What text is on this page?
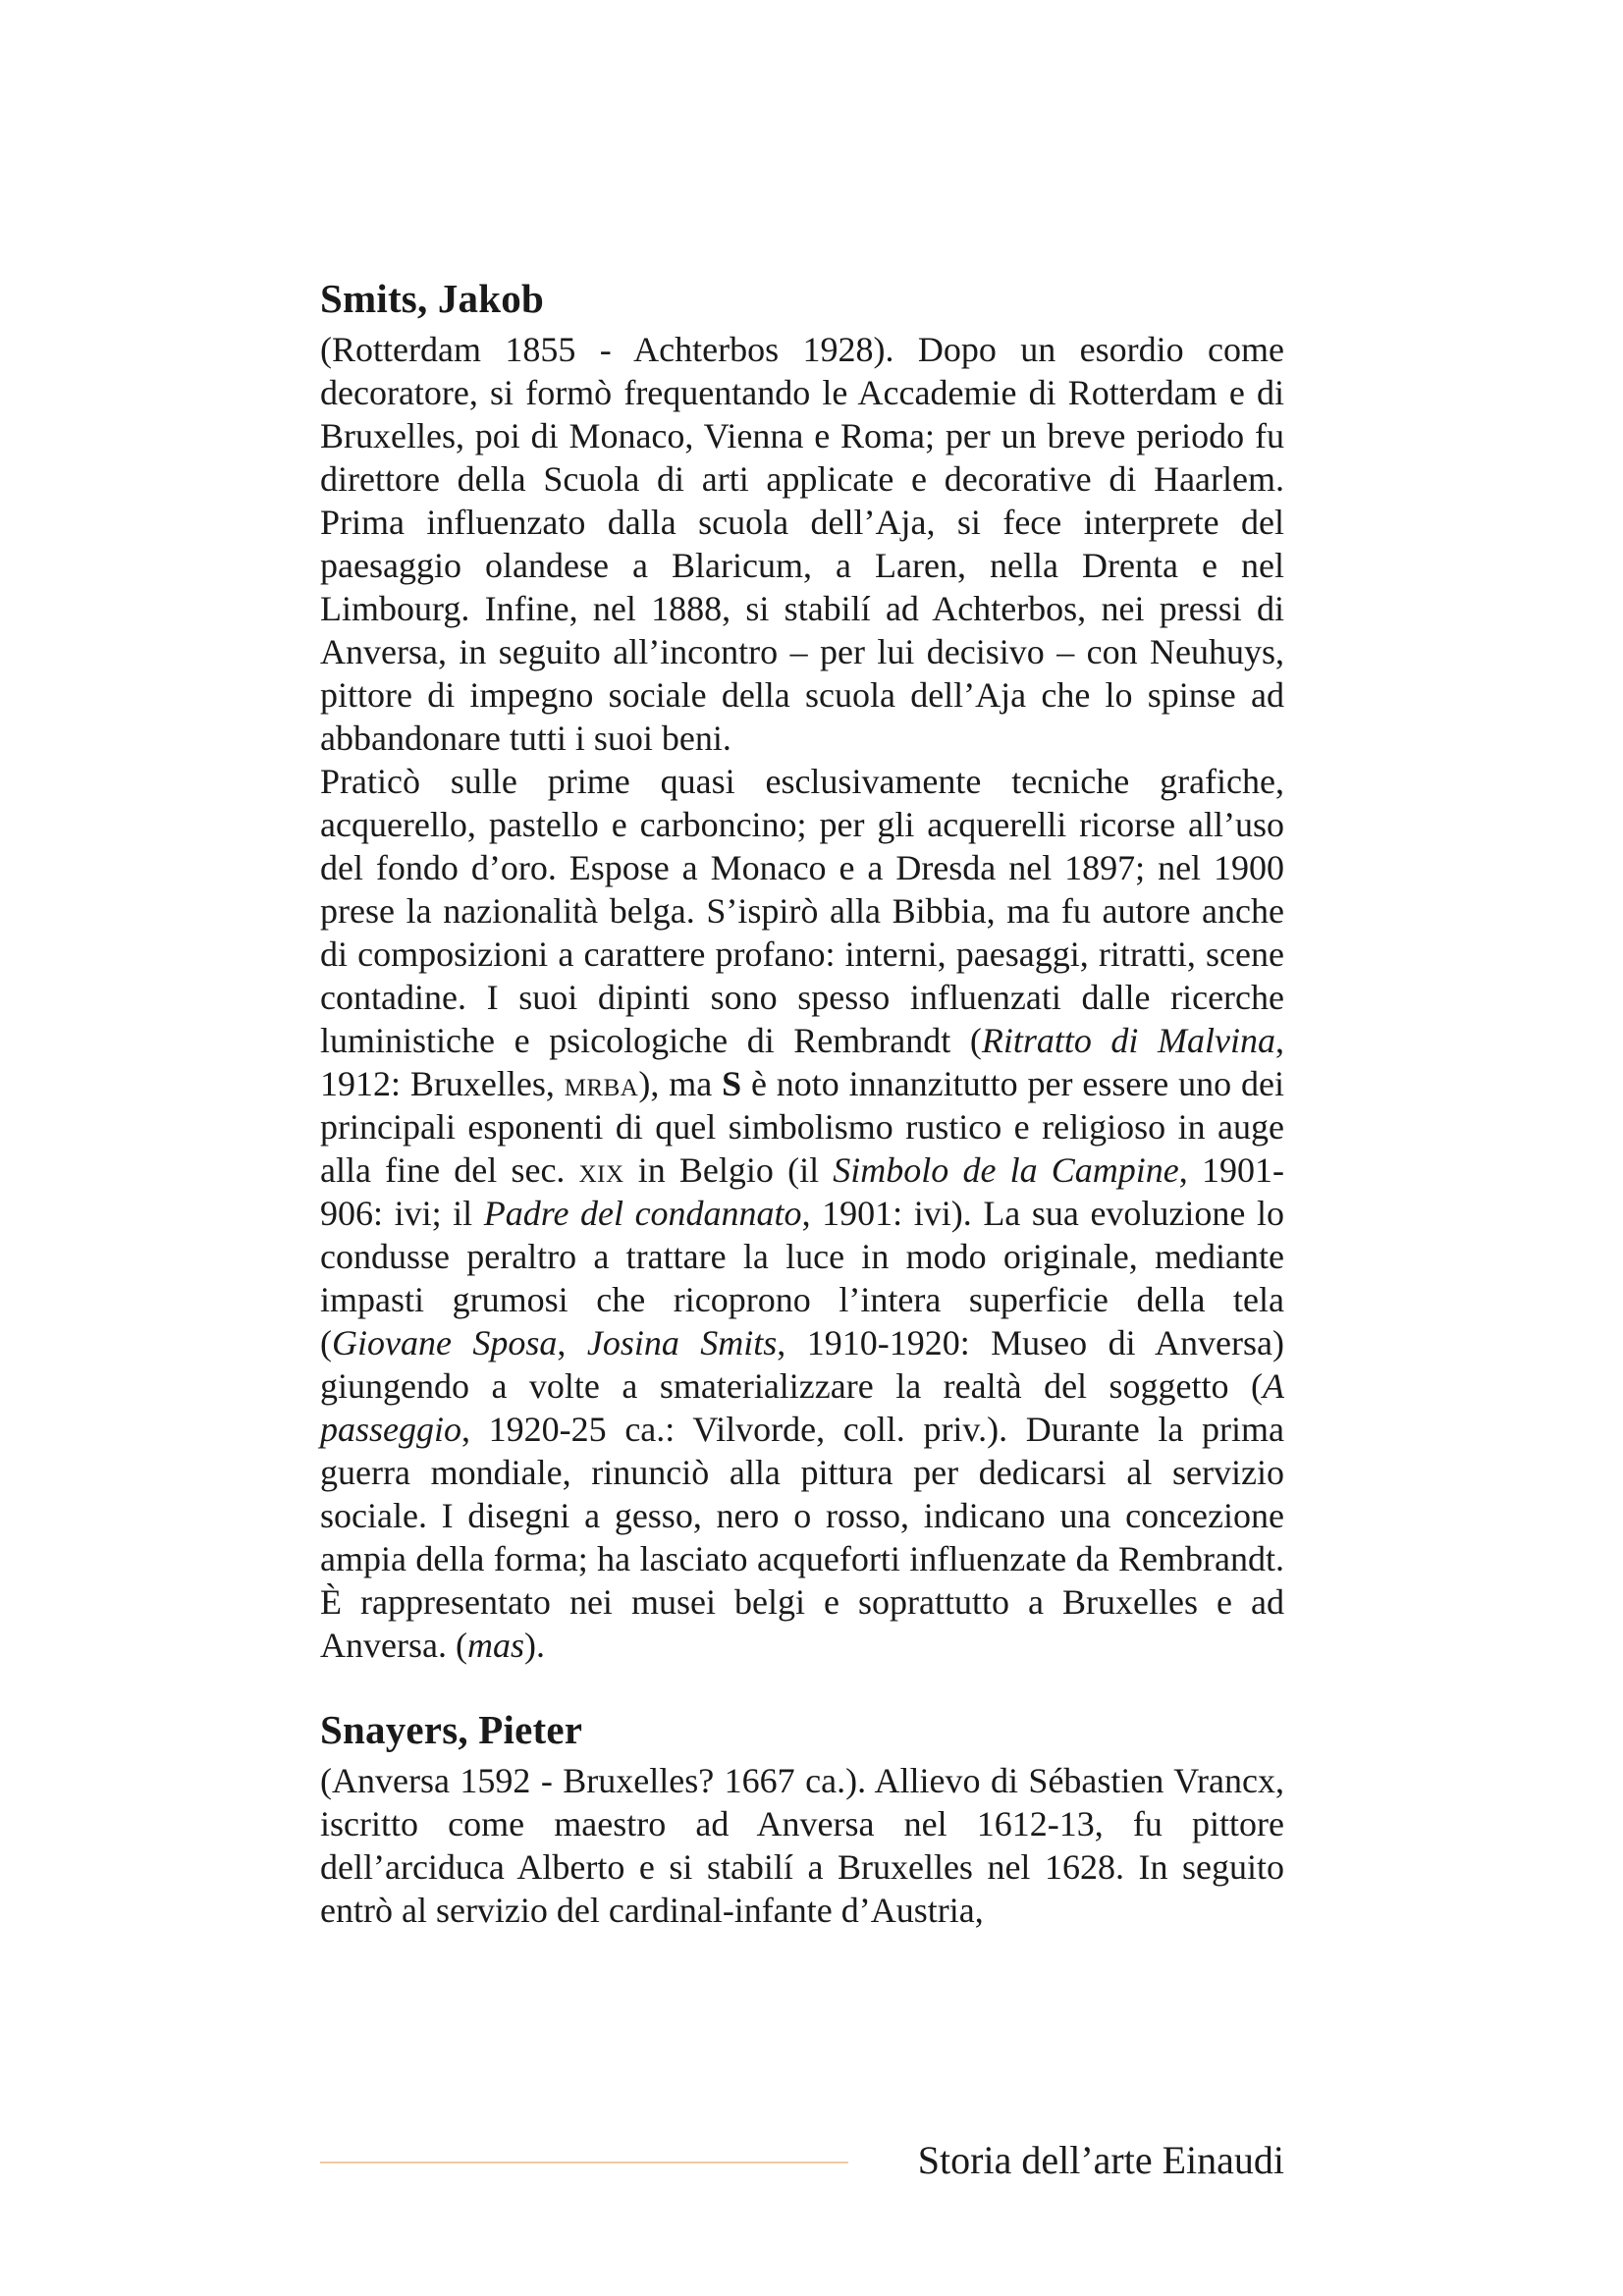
Smits, Jakob

(Rotterdam 1855 - Achterbos 1928). Dopo un esordio come decoratore, si formò frequentando le Accademie di Rotterdam e di Bruxelles, poi di Monaco, Vienna e Roma; per un breve periodo fu direttore della Scuola di arti applicate e decorative di Haarlem. Prima influenzato dalla scuola dell’Aja, si fece interprete del paesaggio olandese a Blaricum, a Laren, nella Drenta e nel Limbourg. Infine, nel 1888, si stabilí ad Achterbos, nei pressi di Anversa, in seguito all’incontro – per lui decisivo – con Neuhuys, pittore di impegno sociale della scuola dell’Aja che lo spinse ad abbandonare tutti i suoi beni.

Praticò sulle prime quasi esclusivamente tecniche grafiche, acquerello, pastello e carboncino; per gli acquerelli ricorse all’uso del fondo d’oro. Espose a Monaco e a Dresda nel 1897; nel 1900 prese la nazionalità belga. S’ispirò alla Bibbia, ma fu autore anche di composizioni a carattere profano: interni, paesaggi, ritratti, scene contadine. I suoi dipinti sono spesso influenzati dalle ricerche luministiche e psicologiche di Rembrandt (Ritratto di Malvina, 1912: Bruxelles, mrba), ma S è noto innanzitutto per essere uno dei principali esponenti di quel simbolismo rustico e religioso in auge alla fine del sec. xix in Belgio (il Simbolo de la Campine, 1901-906: ivi; il Padre del condannato, 1901: ivi). La sua evoluzione lo condusse peraltro a trattare la luce in modo originale, mediante impasti grumosi che ricoprono l’intera superficie della tela (Giovane Sposa, Josina Smits, 1910-1920: Museo di Anversa) giungendo a volte a smaterializzare la realtà del soggetto (A passeggio, 1920-25 ca.: Vilvorde, coll. priv.). Durante la prima guerra mondiale, rinunciò alla pittura per dedicarsi al servizio sociale. I disegni a gesso, nero o rosso, indicano una concezione ampia della forma; ha lasciato acqueforti influenzate da Rembrandt. È rappresentato nei musei belgi e soprattutto a Bruxelles e ad Anversa. (mas).

Snayers, Pieter

(Anversa 1592 - Bruxelles? 1667 ca.). Allievo di Sébastien Vrancx, iscritto come maestro ad Anversa nel 1612-13, fu pittore dell’arciduca Alberto e si stabilí a Bruxelles nel 1628. In seguito entrò al servizio del cardinal-infante d’Austria,

Storia dell’arte Einaudi
